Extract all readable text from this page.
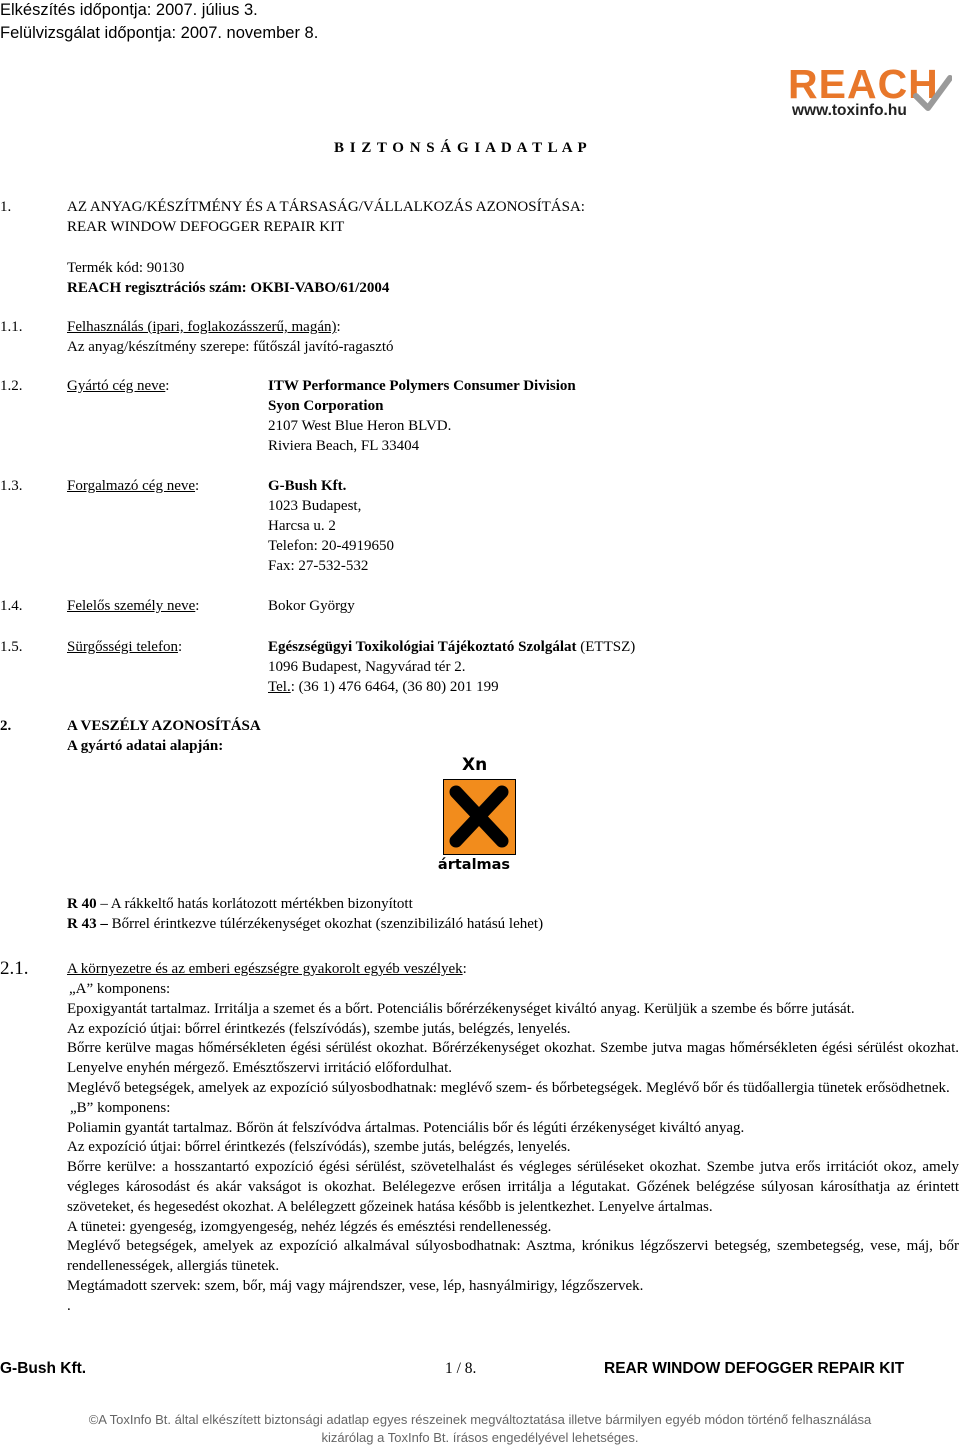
Elkészítés időpontja: 2007. július 3.
Felülvizsgálat időpontja: 2007. november 8.
REACH
www.toxinfo.hu
B I Z T O N S Á G I A D A T L A P
1.	AZ ANYAG/KÉSZÍTMÉNY ÉS A TÁRSASÁG/VÁLLALKOZÁS AZONOSÍTÁSA:
REAR WINDOW DEFOGGER REPAIR KIT
Termék kód: 90130
REACH regisztrációs szám: OKBI-VABO/61/2004
1.1.	Felhasználás (ipari, foglakozásszerű, magán):
Az anyag/készítmény szerepe: fűtőszál javító-ragasztó
1.2.	Gyártó cég neve:	ITW Performance Polymers Consumer Division
Syon Corporation
2107 West Blue Heron BLVD.
Riviera Beach, FL 33404
1.3.	Forgalmazó cég neve:	G-Bush Kft.
1023 Budapest,
Harcsa u. 2
Telefon: 20-4919650
Fax: 27-532-532
1.4.	Felelős személy neve:	Bokor György
1.5.	Sürgősségi telefon:	Egészségügyi Toxikológiai Tájékoztató Szolgálat (ETTSZ)
1096 Budapest, Nagyvárad tér 2.
Tel.: (36 1) 476 6464, (36 80) 201 199
2.	A VESZÉLY AZONOSÍTÁSA
A gyártó adatai alapján:
Xn
ártalmas
R 40 – A rákkeltő hatás korlátozott mértékben bizonyított
R 43 – Bőrrel érintkezve túlérzékenységet okozhat (szenzibilizáló hatású lehet)
2.1.	A környezetre és az emberi egészségre gyakorolt egyéb veszélyek:

„A” komponens:

Epoxigyantát tartalmaz. Irritálja a szemet és a bőrt. Potenciális bőrérzékenységet kiváltó anyag. Kerüljük a szembe és bőrre jutását.

Az expozíció útjai: bőrrel érintkezés (felszívódás), szembe jutás, belégzés, lenyelés.

Bőrre kerülve magas hőmérsékleten égési sérülést okozhat. Bőrérzékenységet okozhat. Szembe jutva magas hőmérsékleten égési sérülést okozhat. Lenyelve enyhén mérgező. Emésztőszervi irritáció előfordulhat.

Meglévő betegségek, amelyek az expozíció súlyosbodhatnak: meglévő szem- és bőrbetegségek. Meglévő bőr és tüdőallergia tünetek erősödhetnek.

„B” komponens:

Poliamin gyantát tartalmaz. Bőrön át felszívódva ártalmas. Potenciális bőr és légúti érzékenységet kiváltó anyag.

Az expozíció útjai: bőrrel érintkezés (felszívódás), szembe jutás, belégzés, lenyelés.

Bőrre kerülve: a hosszantartó expozíció égési sérülést, szövetelhalást és végleges sérüléseket okozhat. Szembe jutva erős irritációt okoz, amely végleges károsodást és akár vakságot is okozhat. Belélegezve erősen irritálja a légutakat. Gőzének belégzése súlyosan károsíthatja az érintett szöveteket, és hegesedést okozhat. A belélegzett gőzeinek hatása később is jelentkezhet. Lenyelve ártalmas.

A tünetei: gyengeség, izomgyengeség, nehéz légzés és emésztési rendellenesség.

Meglévő betegségek, amelyek az expozíció alkalmával súlyosbodhatnak: Asztma, krónikus légzőszervi betegség, szembetegség, vese, máj, bőr rendellenességek, allergiás tünetek.

Megtámadott szervek: szem, bőr, máj vagy májrendszer, vese, lép, hasnyálmirigy, légzőszervek.

.

G-Bush Kft.	1 / 8.	REAR WINDOW DEFOGGER REPAIR KIT
©A ToxInfo Bt. által elkészített biztonsági adatlap egyes részeinek megváltoztatása illetve bármilyen egyéb módon történő felhasználása
kizárólag a ToxInfo Bt. írásos engedélyével lehetséges.
